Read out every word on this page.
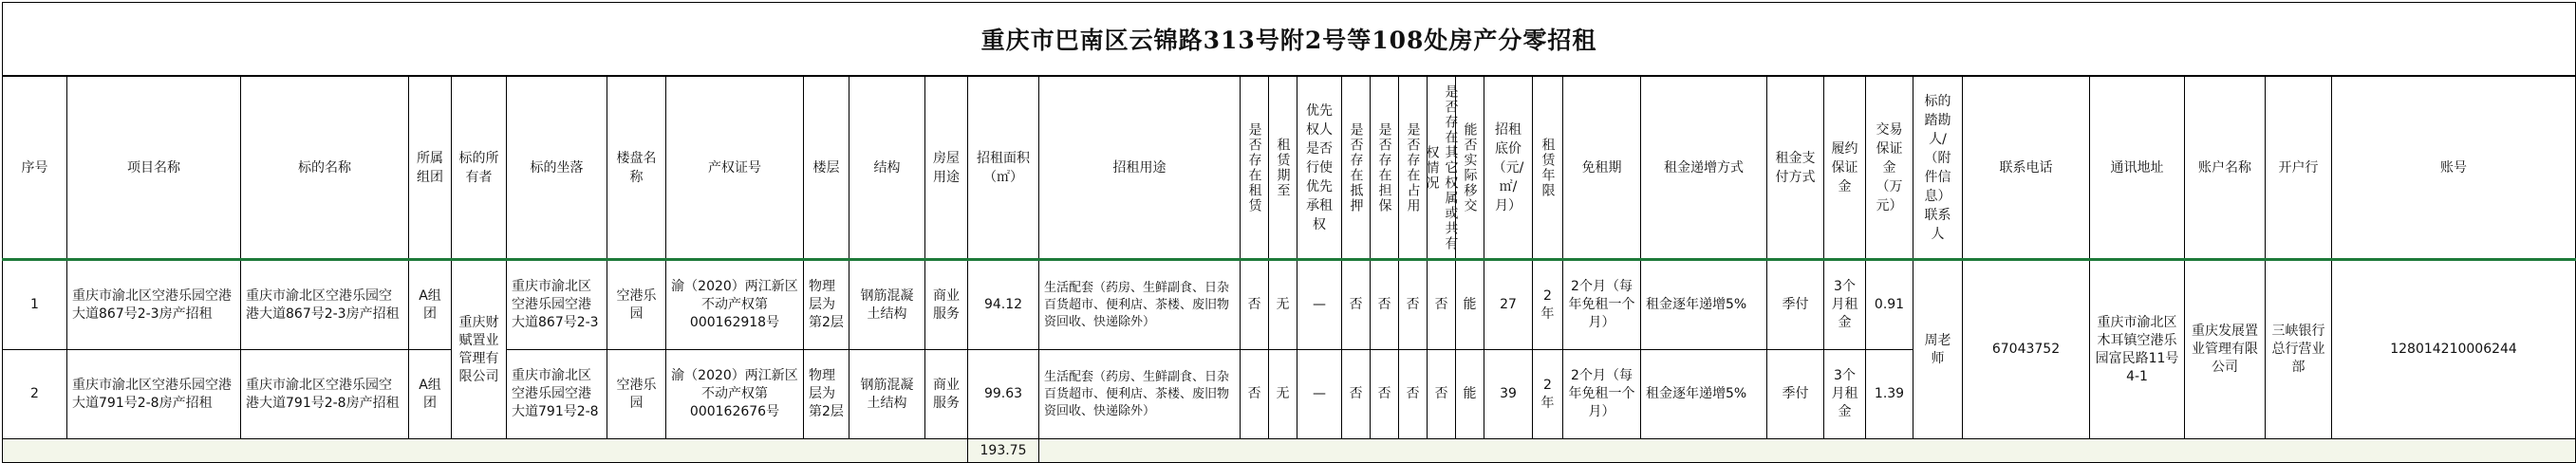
重庆市巴南区云锦路313号附2号等108处房产分零招租																																	
序号	项目名称	标的名称	所属组团	标的所有者	标的坐落	楼盘名称	产权证号	楼层	结构	房屋用途	招租面积（㎡）	招租用途	是否存在租赁	租赁期至	优先权人是否行使优先承租权	是否存在抵押	是否存在担保	是否存在占用	是否存在其它权属或共有权情况	能否实际移交	招租底价（元/㎡/月）	租赁年限	免租期	租金递增方式	租金支付方式	履约保证金	交易保证金（万元）	标的踏勘人/（附件信息）联系人	联系电话	通讯地址	账户名称	开户行	账号
1	重庆市渝北区空港乐园空港大道867号2-3房产招租	重庆市渝北区空港乐园空港大道867号2-3房产招租	A组团	重庆财赋置业管理有限公司	重庆市渝北区空港乐园空港大道867号2-3	空港乐园	渝（2020）两江新区不动产权第000162918号	物理层为第2层	钢筋混凝土结构	商业服务	94.12	生活配套（药房、生鲜副食、日杂百货超市、便利店、茶楼、废旧物资回收、快递除外）	否	无	—	否	否	否	否	能	27	2年	2个月（每年免租一个月）	租金逐年递增5%	季付	3个月租金	0.91	周老师	67043752	重庆市渝北区木耳镇空港乐园富民路11号4-1	重庆发展置业管理有限公司	三峡银行总行营业部	128014210006244
2	重庆市渝北区空港乐园空港大道791号2-8房产招租	重庆市渝北区空港乐园空港大道791号2-8房产招租	A组团		重庆市渝北区空港乐园空港大道791号2-8	空港乐园	渝（2020）两江新区不动产权第000162676号	物理层为第2层	钢筋混凝土结构	商业服务	99.63	生活配套（药房、生鲜副食、日杂百货超市、便利店、茶楼、废旧物资回收、快递除外）	否	无	—	否	否	否	否	能	39	2年	2个月（每年免租一个月）	租金逐年递增5%	季付	3个月租金	1.39						
											193.75																						
